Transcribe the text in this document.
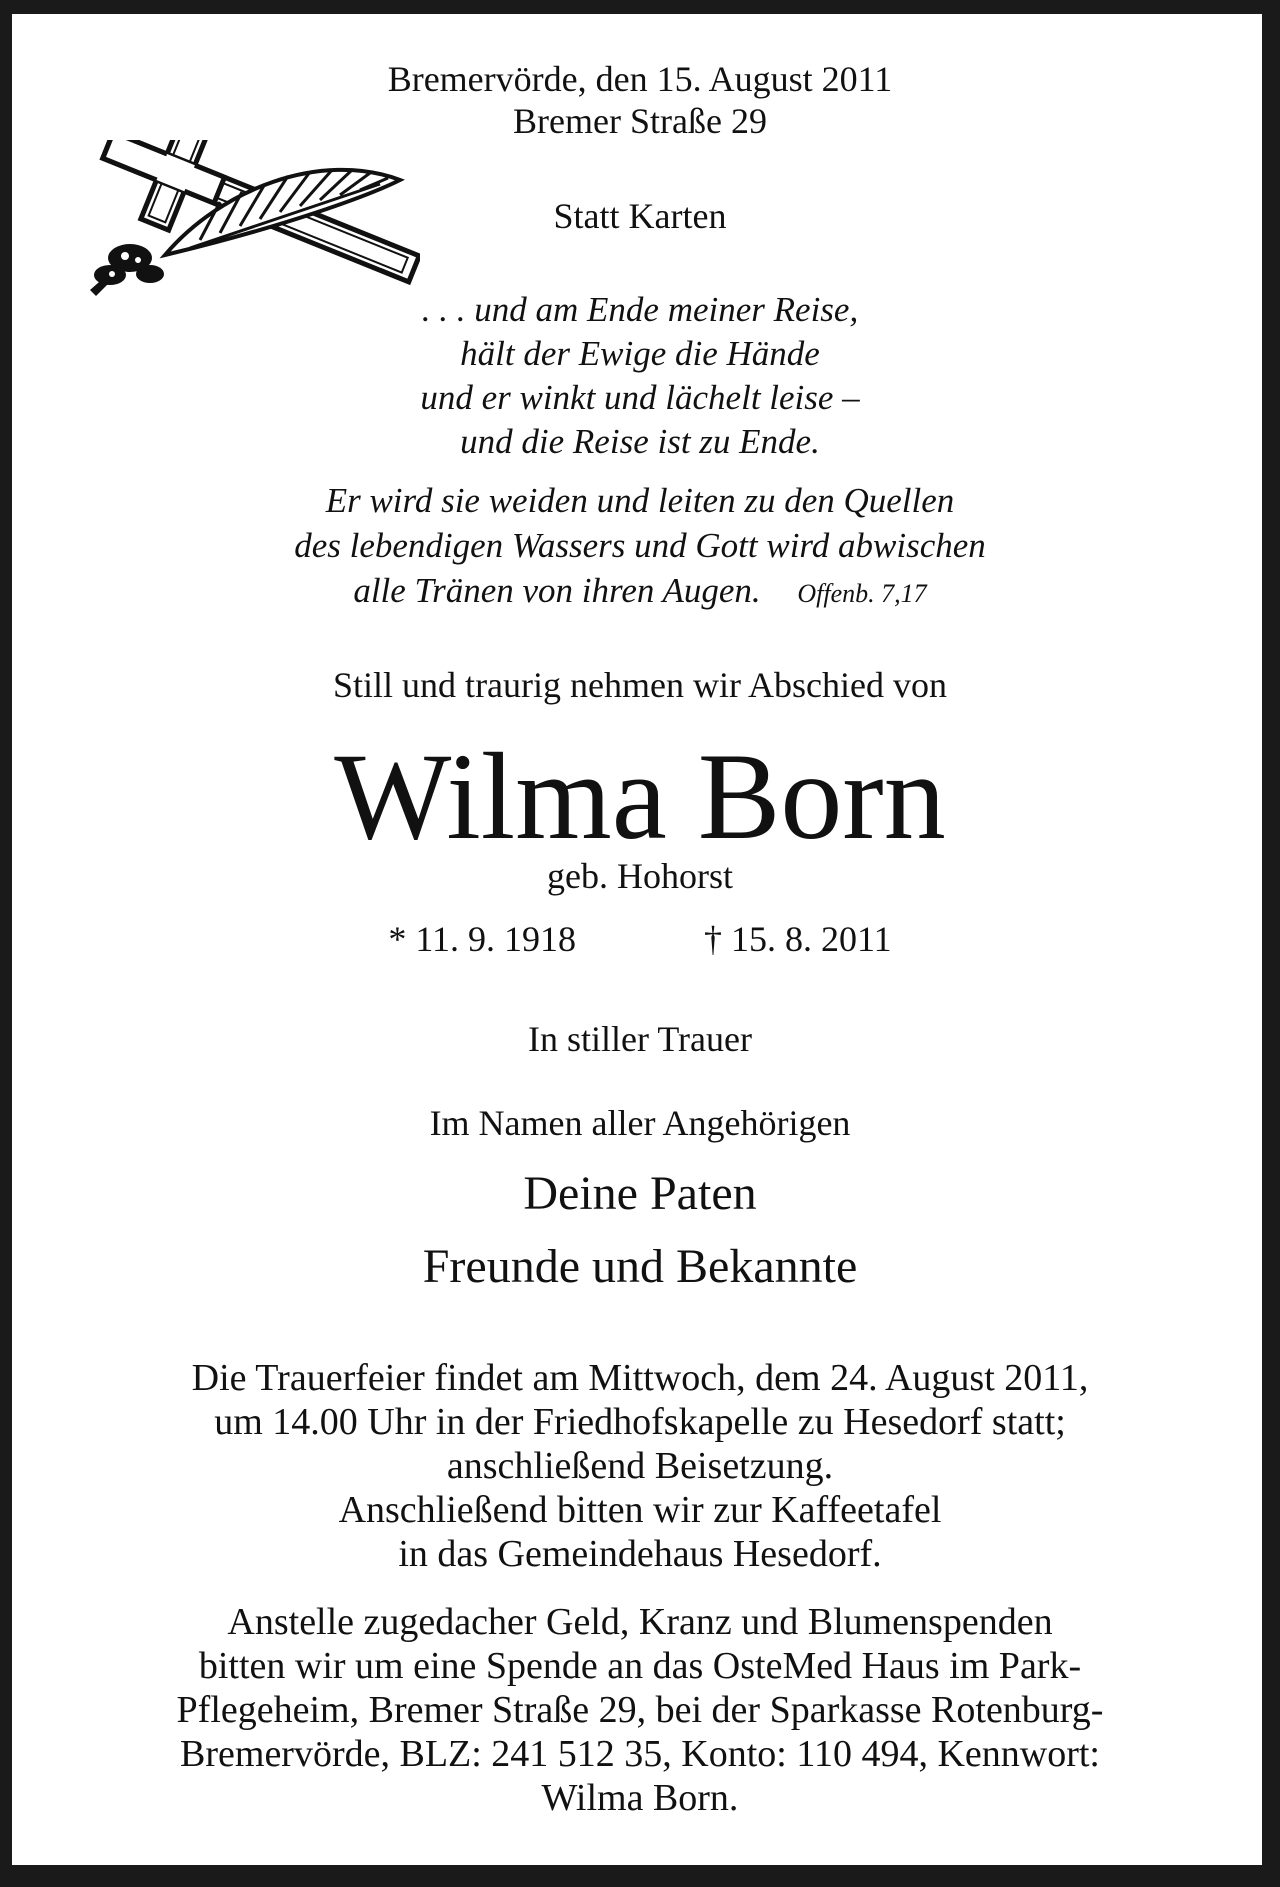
Bremervörde, den 15. August 2011
Bremer Straße 29
Statt Karten
. . . und am Ende meiner Reise,
hält der Ewige die Hände
und er winkt und lächelt leise –
und die Reise ist zu Ende.
Er wird sie weiden und leiten zu den Quellen
des lebendigen Wassers und Gott wird abwischen
alle Tränen von ihren Augen. Offenb. 7,17
Still und traurig nehmen wir Abschied von
Wilma Born
geb. Hohorst
* 11. 9. 1918	† 15. 8. 2011
In stiller Trauer
Im Namen aller Angehörigen
Deine Paten
Freunde und Bekannte
Die Trauerfeier findet am Mittwoch, dem 24. August 2011,
um 14.00 Uhr in der Friedhofskapelle zu Hesedorf statt;
anschließend Beisetzung.
Anschließend bitten wir zur Kaffeetafel
in das Gemeindehaus Hesedorf.
Anstelle zugedacher Geld, Kranz und Blumenspenden
bitten wir um eine Spende an das OsteMed Haus im Park-
Pflegeheim, Bremer Straße 29, bei der Sparkasse Rotenburg-
Bremervörde, BLZ: 241 512 35, Konto: 110 494, Kennwort:
Wilma Born.
